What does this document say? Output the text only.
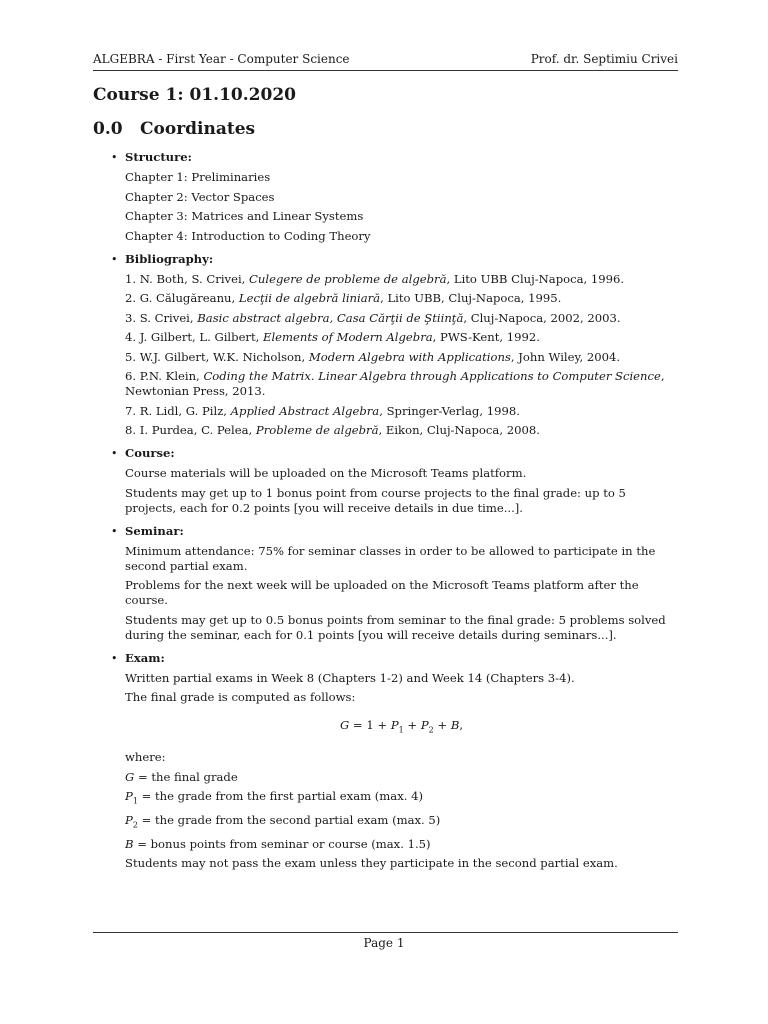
ALGEBRA - First Year - Computer Science	Prof. dr. Septimiu Crivei
Course 1: 01.10.2020
0.0 Coordinates
• Structure:
Chapter 1: Preliminaries
Chapter 2: Vector Spaces
Chapter 3: Matrices and Linear Systems
Chapter 4: Introduction to Coding Theory
• Bibliography:
1. N. Both, S. Crivei, Culegere de probleme de algebră, Lito UBB Cluj-Napoca, 1996.
2. G. Călugăreanu, Lecţii de algebră liniară, Lito UBB, Cluj-Napoca, 1995.
3. S. Crivei, Basic abstract algebra, Casa Cărţii de Ştiinţă, Cluj-Napoca, 2002, 2003.
4. J. Gilbert, L. Gilbert, Elements of Modern Algebra, PWS-Kent, 1992.
5. W.J. Gilbert, W.K. Nicholson, Modern Algebra with Applications, John Wiley, 2004.
6. P.N. Klein, Coding the Matrix. Linear Algebra through Applications to Computer Science, Newtonian Press, 2013.
7. R. Lidl, G. Pilz, Applied Abstract Algebra, Springer-Verlag, 1998.
8. I. Purdea, C. Pelea, Probleme de algebră, Eikon, Cluj-Napoca, 2008.
• Course:
Course materials will be uploaded on the Microsoft Teams platform.
Students may get up to 1 bonus point from course projects to the final grade: up to 5 projects, each for 0.2 points [you will receive details in due time...].
• Seminar:
Minimum attendance: 75% for seminar classes in order to be allowed to participate in the second partial exam.
Problems for the next week will be uploaded on the Microsoft Teams platform after the course.
Students may get up to 0.5 bonus points from seminar to the final grade: 5 problems solved during the seminar, each for 0.1 points [you will receive details during seminars...].
• Exam:
Written partial exams in Week 8 (Chapters 1-2) and Week 14 (Chapters 3-4).
The final grade is computed as follows:
$G = 1 + P_1 + P_2 + B$,
where:
G = the final grade
$P_1$ = the grade from the first partial exam (max. 4)
$P_2$ = the grade from the second partial exam (max. 5)
B = bonus points from seminar or course (max. 1.5)
Students may not pass the exam unless they participate in the second partial exam.
Page 1
